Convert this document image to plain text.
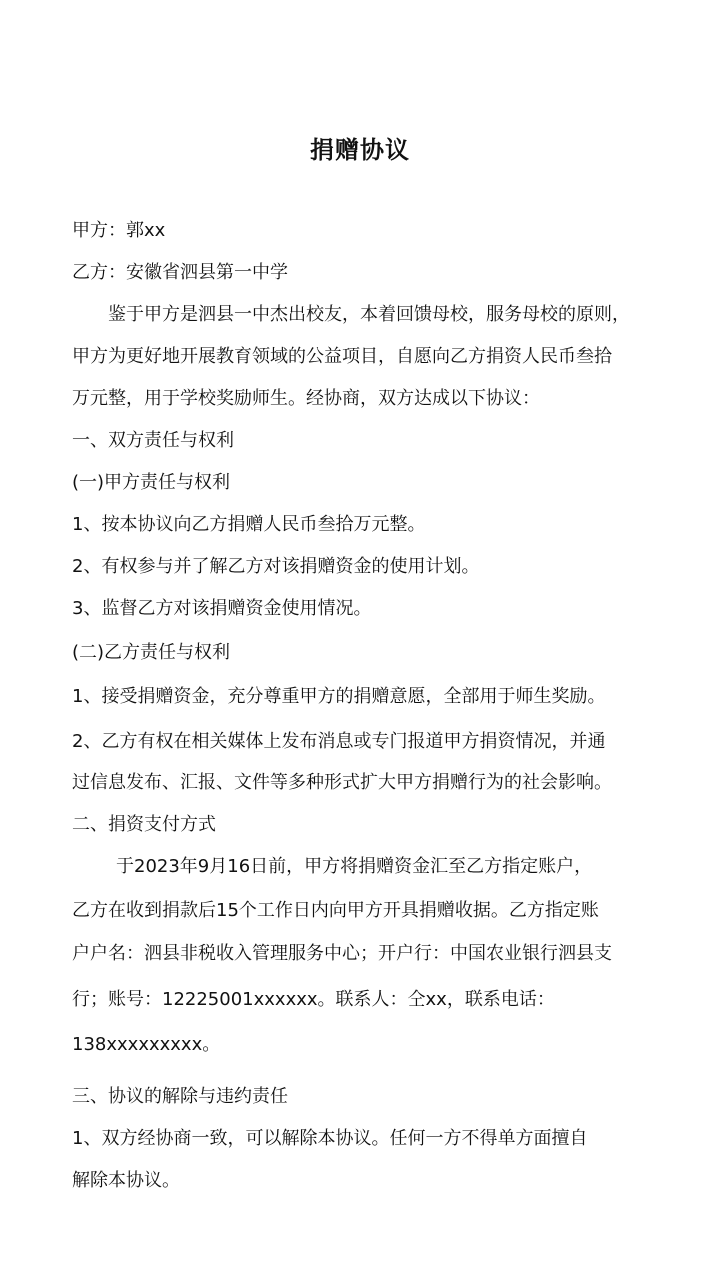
捐赠协议

甲方：郭xx

乙方：安徽省泗县第一中学

鉴于甲方是泗县一中杰出校友，本着回馈母校，服务母校的原则，

甲方为更好地开展教育领域的公益项目，自愿向乙方捐资人民币叁拾

万元整，用于学校奖励师生。经协商，双方达成以下协议：

一、双方责任与权利

(一)甲方责任与权利

1、按本协议向乙方捐赠人民币叁拾万元整。

2、有权参与并了解乙方对该捐赠资金的使用计划。

3、监督乙方对该捐赠资金使用情况。

(二)乙方责任与权利

1、接受捐赠资金，充分尊重甲方的捐赠意愿，全部用于师生奖励。

2、乙方有权在相关媒体上发布消息或专门报道甲方捐资情况，并通

过信息发布、汇报、文件等多种形式扩大甲方捐赠行为的社会影响。

二、捐资支付方式

于2023年9月16日前，甲方将捐赠资金汇至乙方指定账户，

乙方在收到捐款后15个工作日内向甲方开具捐赠收据。乙方指定账

户户名：泗县非税收入管理服务中心；开户行：中国农业银行泗县支

行；账号：12225001xxxxxx。联系人：仝xx，联系电话：

138xxxxxxxxx。

三、协议的解除与违约责任

1、双方经协商一致，可以解除本协议。任何一方不得单方面擅自

解除本协议。
